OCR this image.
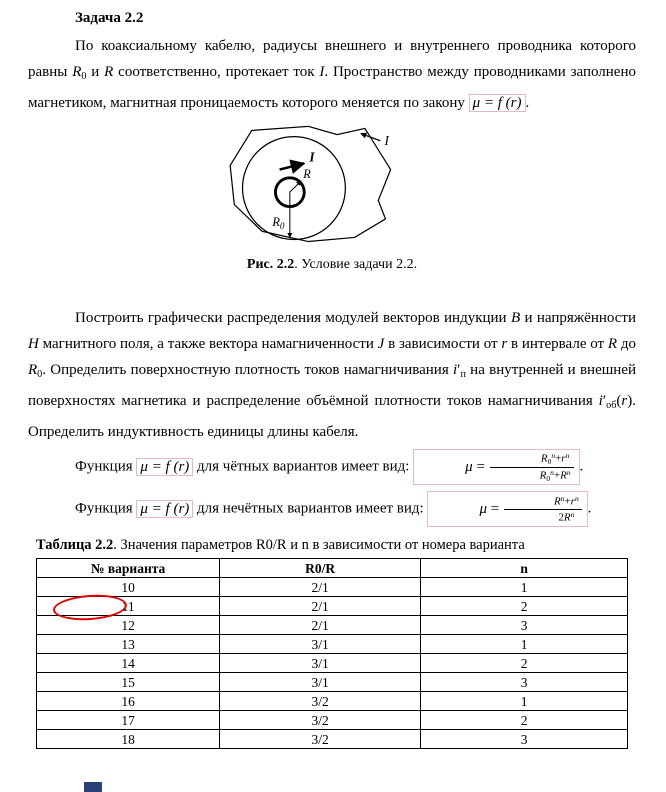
Задача 2.2

По коаксиальному кабелю, радиусы внешнего и внутреннего проводника которого равны $R_0$ и R соответственно, протекает ток I. Пространство между проводниками заполнено магнетиком, магнитная проницаемость которого меняется по закону μ = f (r) .

I
R
$R_0$
I
Рис. 2.2. Условие задачи 2.2.

Построить графически распределения модулей векторов индукции B и напряжённости H магнитного поля, а также вектора намагниченности J в зависимости от r в интервале от R до $R_0$. Определить поверхностную плотность токов намагничивания $i'_п$ на внутренней и внешней поверхностях магнетика и распределение объёмной плотности токов намагничивания $i'_{об}(r)$. Определить индуктивность единицы длины кабеля.

Функция μ = f (r) для чётных вариантов имеет вид:	$\mu = \frac{R_0^n+r^n}{R_0^n+R^n}$ .
Функция μ = f (r) для нечётных вариантов имеет вид:	$\mu = \frac{R^n+r^n}{2R^n}$ .
Таблица 2.2. Значения параметров R0/R и n в зависимости от номера варианта
№ варианта	R0/R	n
10	2/1	1
11	2/1	2
12	2/1	3
13	3/1	1
14	3/1	2
15	3/1	3
16	3/2	1
17	3/2	2
18	3/2	3
